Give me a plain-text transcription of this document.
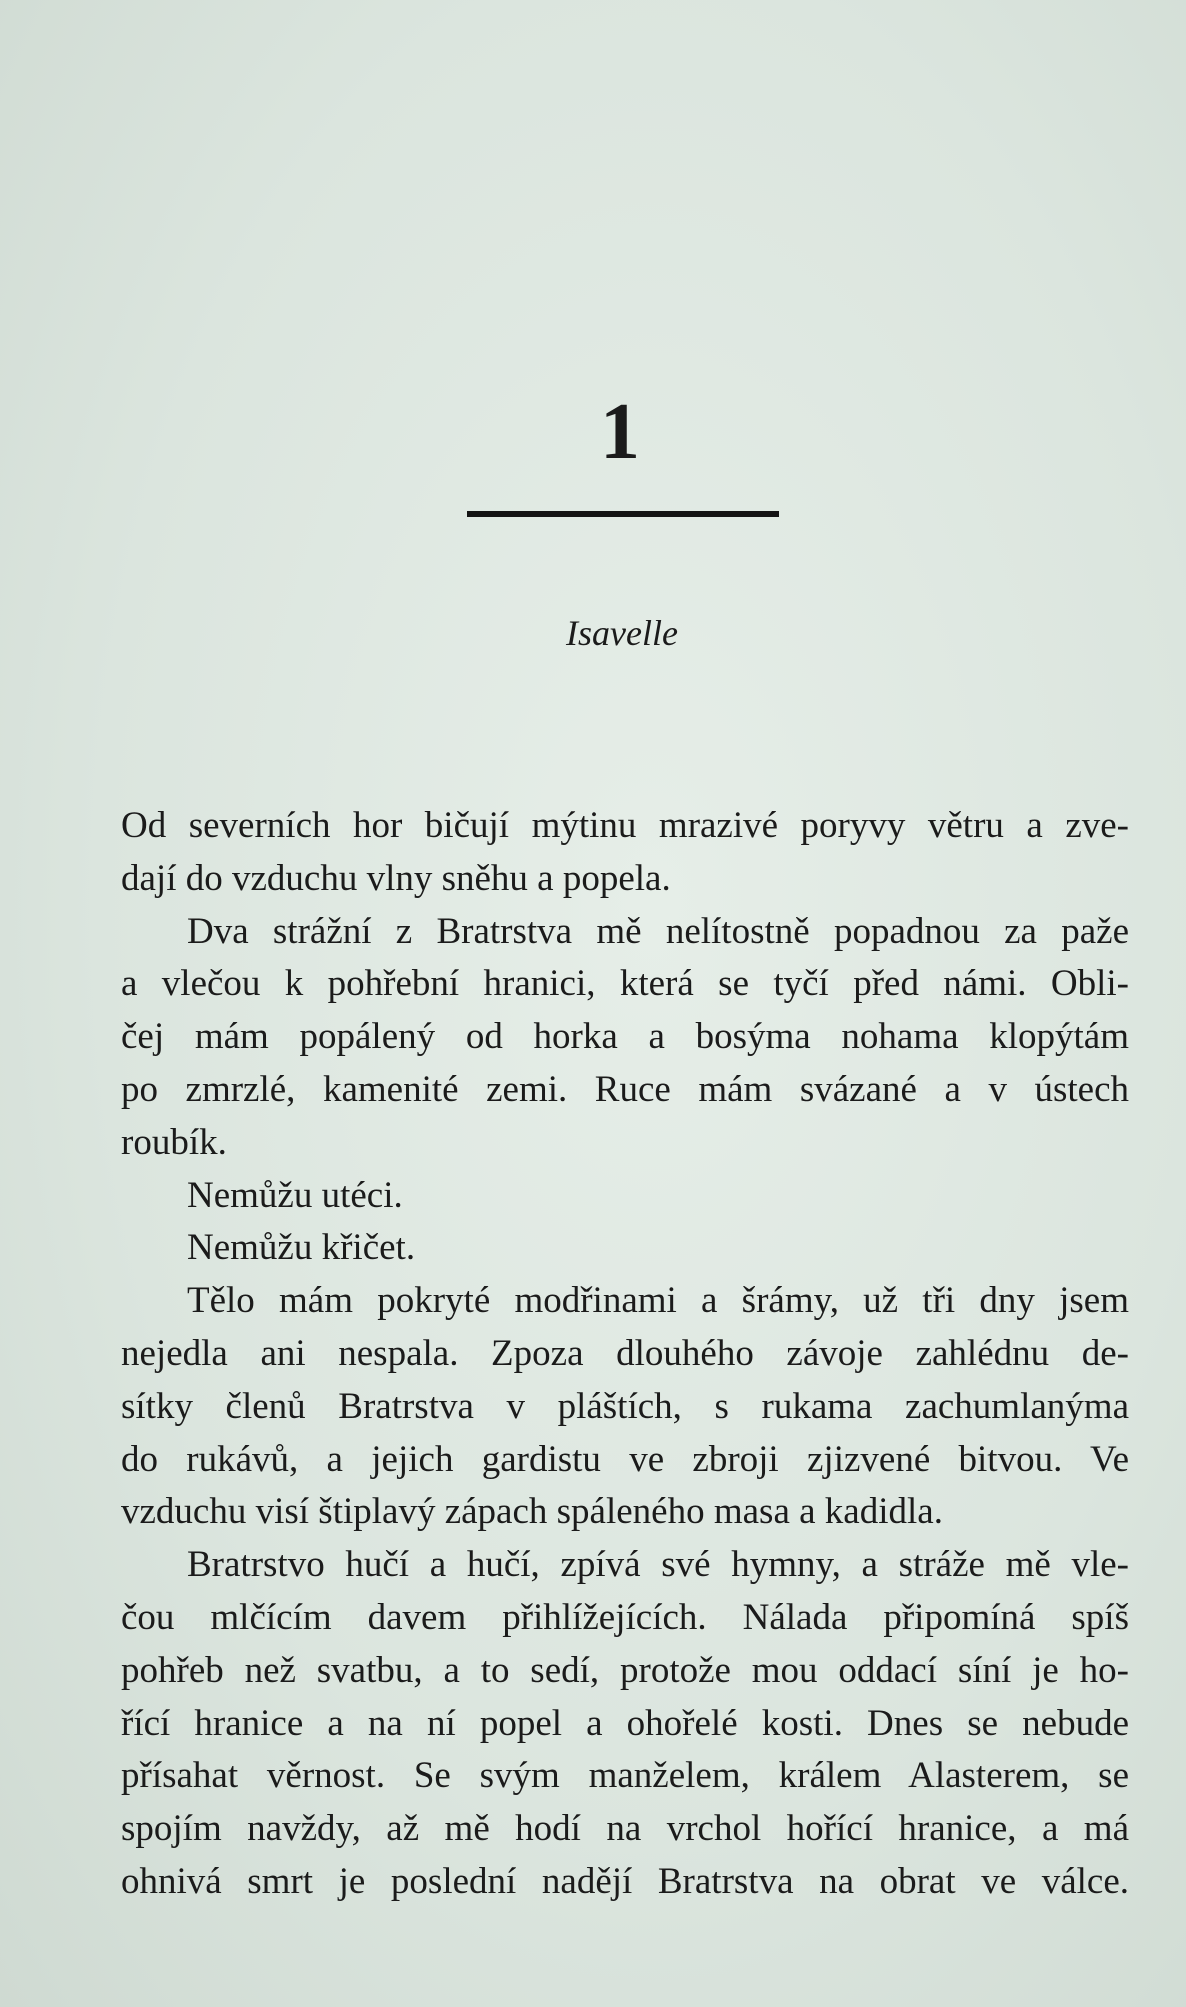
1
Isavelle
Od severních hor bičují mýtinu mrazivé poryvy větru a zve-
dají do vzduchu vlny sněhu a popela.
Dva strážní z Bratrstva mě nelítostně popadnou za paže
a vlečou k pohřební hranici, která se tyčí před námi. Obli-
čej mám popálený od horka a bosýma nohama klopýtám
po zmrzlé, kamenité zemi. Ruce mám svázané a v ústech
roubík.
Nemůžu utéci.
Nemůžu křičet.
Tělo mám pokryté modřinami a šrámy, už tři dny jsem
nejedla ani nespala. Zpoza dlouhého závoje zahlédnu de-
sítky členů Bratrstva v pláštích, s rukama zachumlanýma
do rukávů, a jejich gardistu ve zbroji zjizvené bitvou. Ve
vzduchu visí štiplavý zápach spáleného masa a kadidla.
Bratrstvo hučí a hučí, zpívá své hymny, a stráže mě vle-
čou mlčícím davem přihlížejících. Nálada připomíná spíš
pohřeb než svatbu, a to sedí, protože mou oddací síní je ho-
řící hranice a na ní popel a ohořelé kosti. Dnes se nebude
přísahat věrnost. Se svým manželem, králem Alasterem, se
spojím navždy, až mě hodí na vrchol hořící hranice, a má
ohnivá smrt je poslední nadějí Bratrstva na obrat ve válce.
